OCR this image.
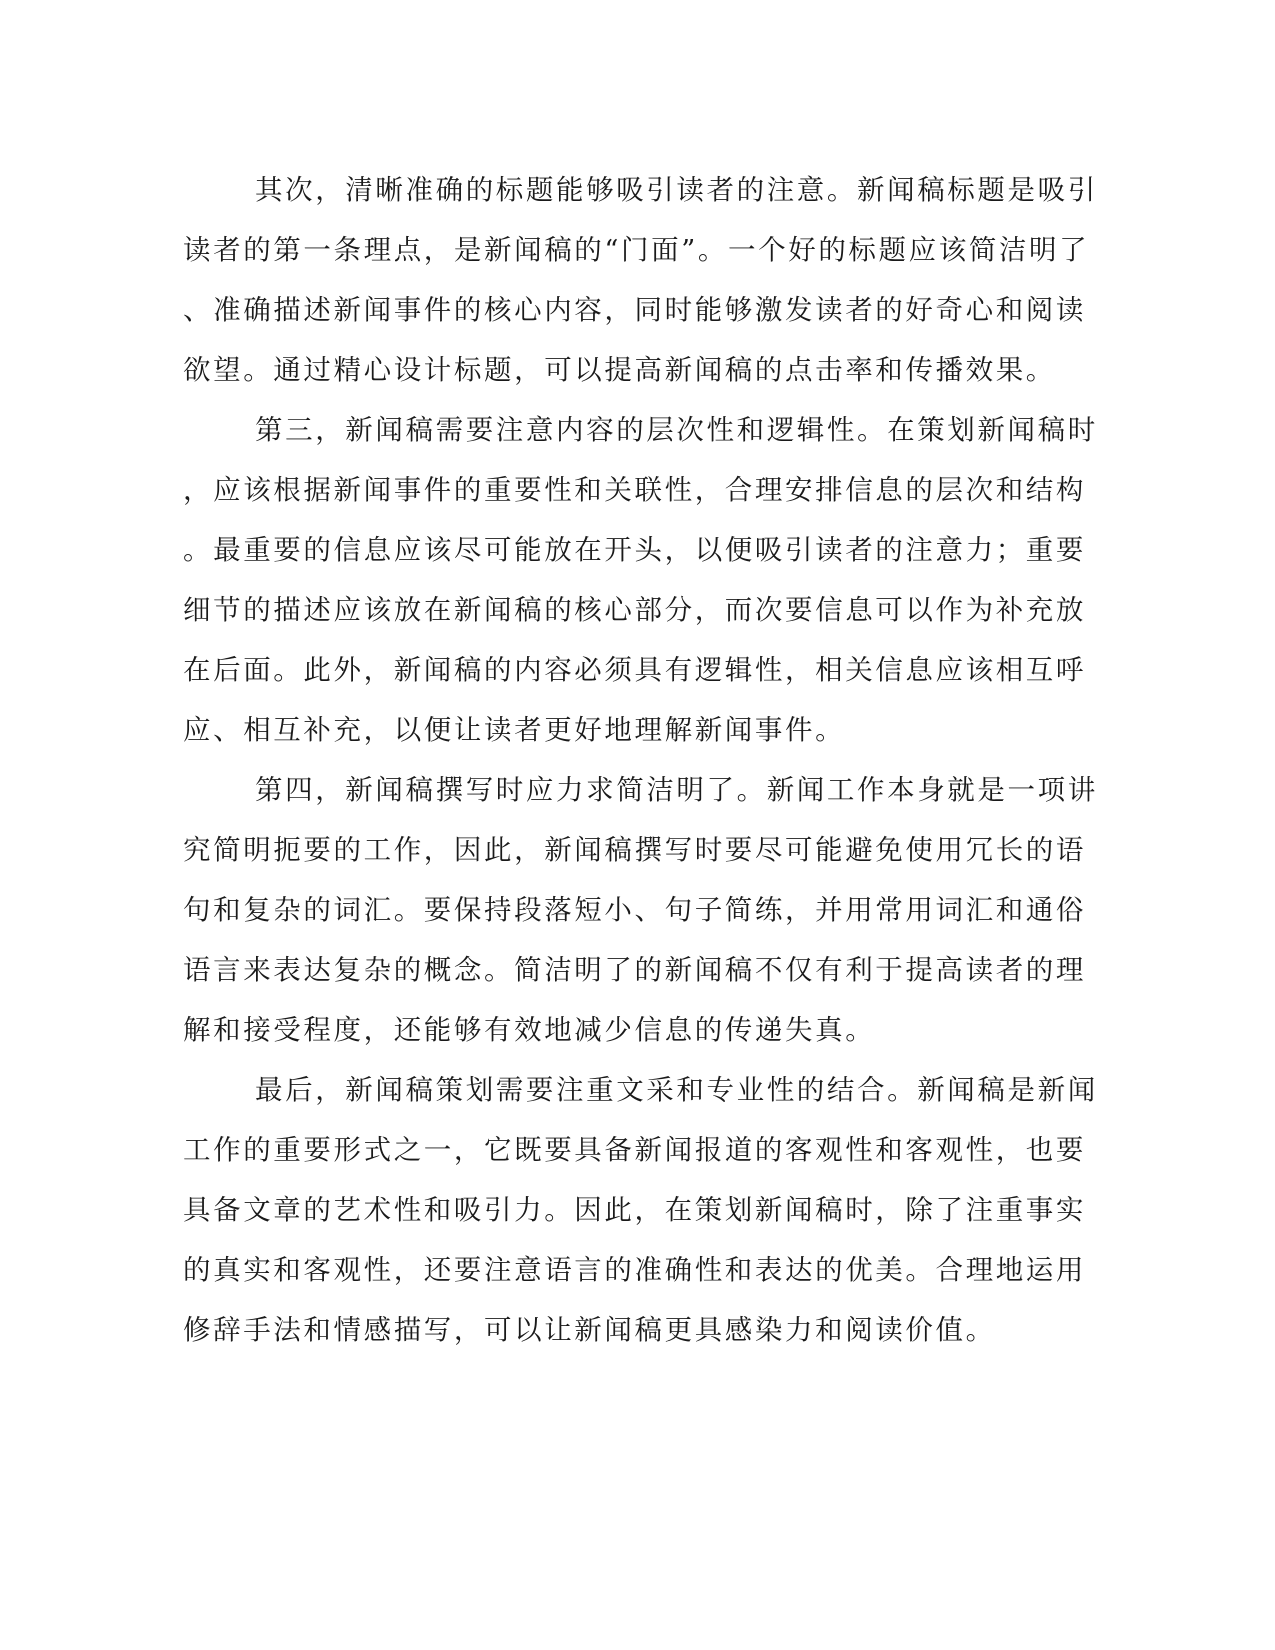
其次，清晰准确的标题能够吸引读者的注意。新闻稿标题是吸引
读者的第一条理点，是新闻稿的“门面”。一个好的标题应该简洁明了
、准确描述新闻事件的核心内容，同时能够激发读者的好奇心和阅读
欲望。通过精心设计标题，可以提高新闻稿的点击率和传播效果。
第三，新闻稿需要注意内容的层次性和逻辑性。在策划新闻稿时
，应该根据新闻事件的重要性和关联性，合理安排信息的层次和结构
。最重要的信息应该尽可能放在开头，以便吸引读者的注意力；重要
细节的描述应该放在新闻稿的核心部分，而次要信息可以作为补充放
在后面。此外，新闻稿的内容必须具有逻辑性，相关信息应该相互呼
应、相互补充，以便让读者更好地理解新闻事件。
第四，新闻稿撰写时应力求简洁明了。新闻工作本身就是一项讲
究简明扼要的工作，因此，新闻稿撰写时要尽可能避免使用冗长的语
句和复杂的词汇。要保持段落短小、句子简练，并用常用词汇和通俗
语言来表达复杂的概念。简洁明了的新闻稿不仅有利于提高读者的理
解和接受程度，还能够有效地减少信息的传递失真。
最后，新闻稿策划需要注重文采和专业性的结合。新闻稿是新闻
工作的重要形式之一，它既要具备新闻报道的客观性和客观性，也要
具备文章的艺术性和吸引力。因此，在策划新闻稿时，除了注重事实
的真实和客观性，还要注意语言的准确性和表达的优美。合理地运用
修辞手法和情感描写，可以让新闻稿更具感染力和阅读价值。
